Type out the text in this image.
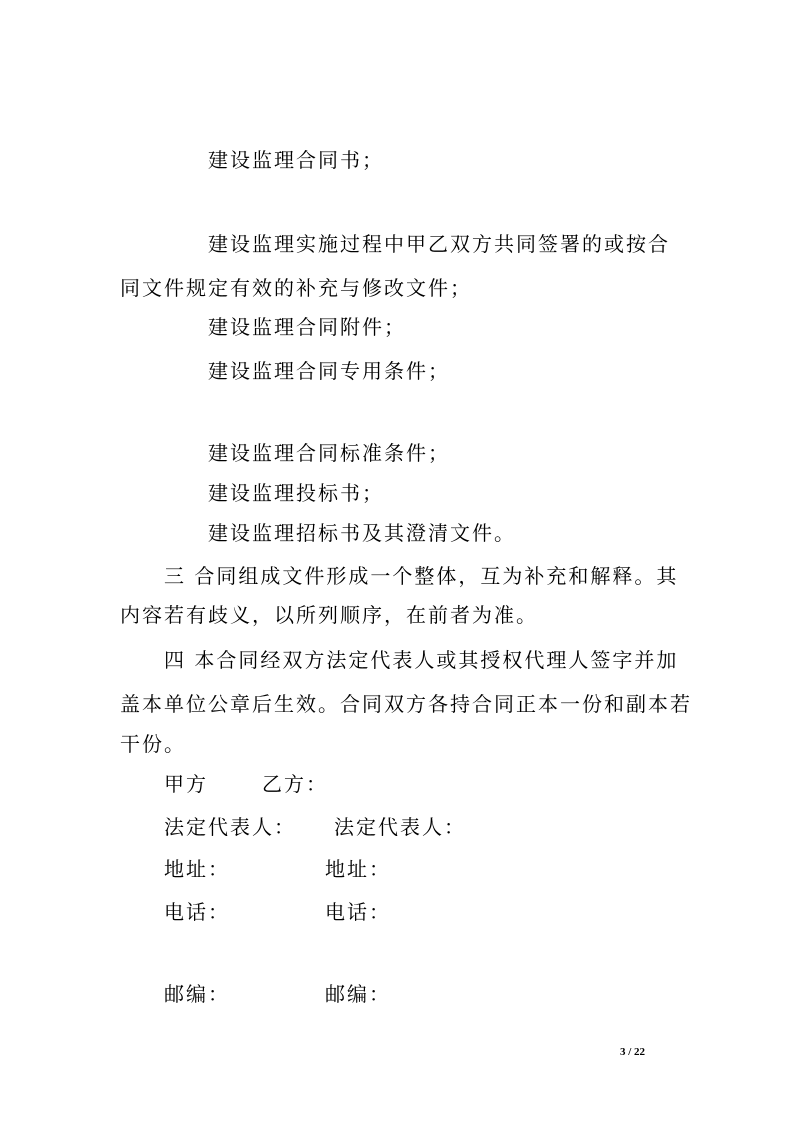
建设监理合同书；
建设监理实施过程中甲乙双方共同签署的或按合
同文件规定有效的补充与修改文件；
建设监理合同附件；
建设监理合同专用条件；
建设监理合同标准条件；
建设监理投标书；
建设监理招标书及其澄清文件。
三 合同组成文件形成一个整体，互为补充和解释。其
内容若有歧义，以所列顺序，在前者为准。
四 本合同经双方法定代表人或其授权代理人签字并加
盖本单位公章后生效。合同双方各持合同正本一份和副本若
干份。
甲方	乙方：
法定代表人： 法定代表人：
地址：	地址：
电话：	电话：
邮编：	邮编：
3 / 22
